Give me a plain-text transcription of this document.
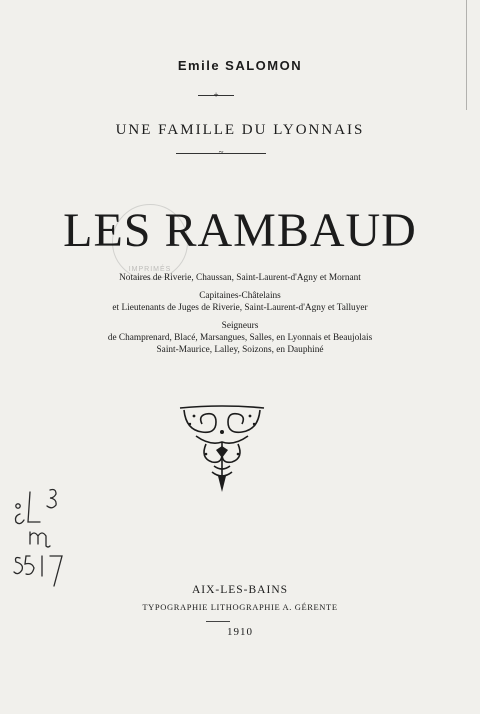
Emile SALOMON
+
UNE FAMILLE DU LYONNAIS
~
IMPRIMÉS
LES RAMBAUD
Notaires de Riverie, Chaussan, Saint-Laurent-d'Agny et Mornant
Capitaines-Châtelains
et Lieutenants de Juges de Riverie, Saint-Laurent-d'Agny et Talluyer
Seigneurs
de Champrenard, Blacé, Marsangues, Salles, en Lyonnais et Beaujolais
Saint-Maurice, Lalley, Soizons, en Dauphiné
AIX-LES-BAINS
TYPOGRAPHIE LITHOGRAPHIE A. GÉRENTE
1910
